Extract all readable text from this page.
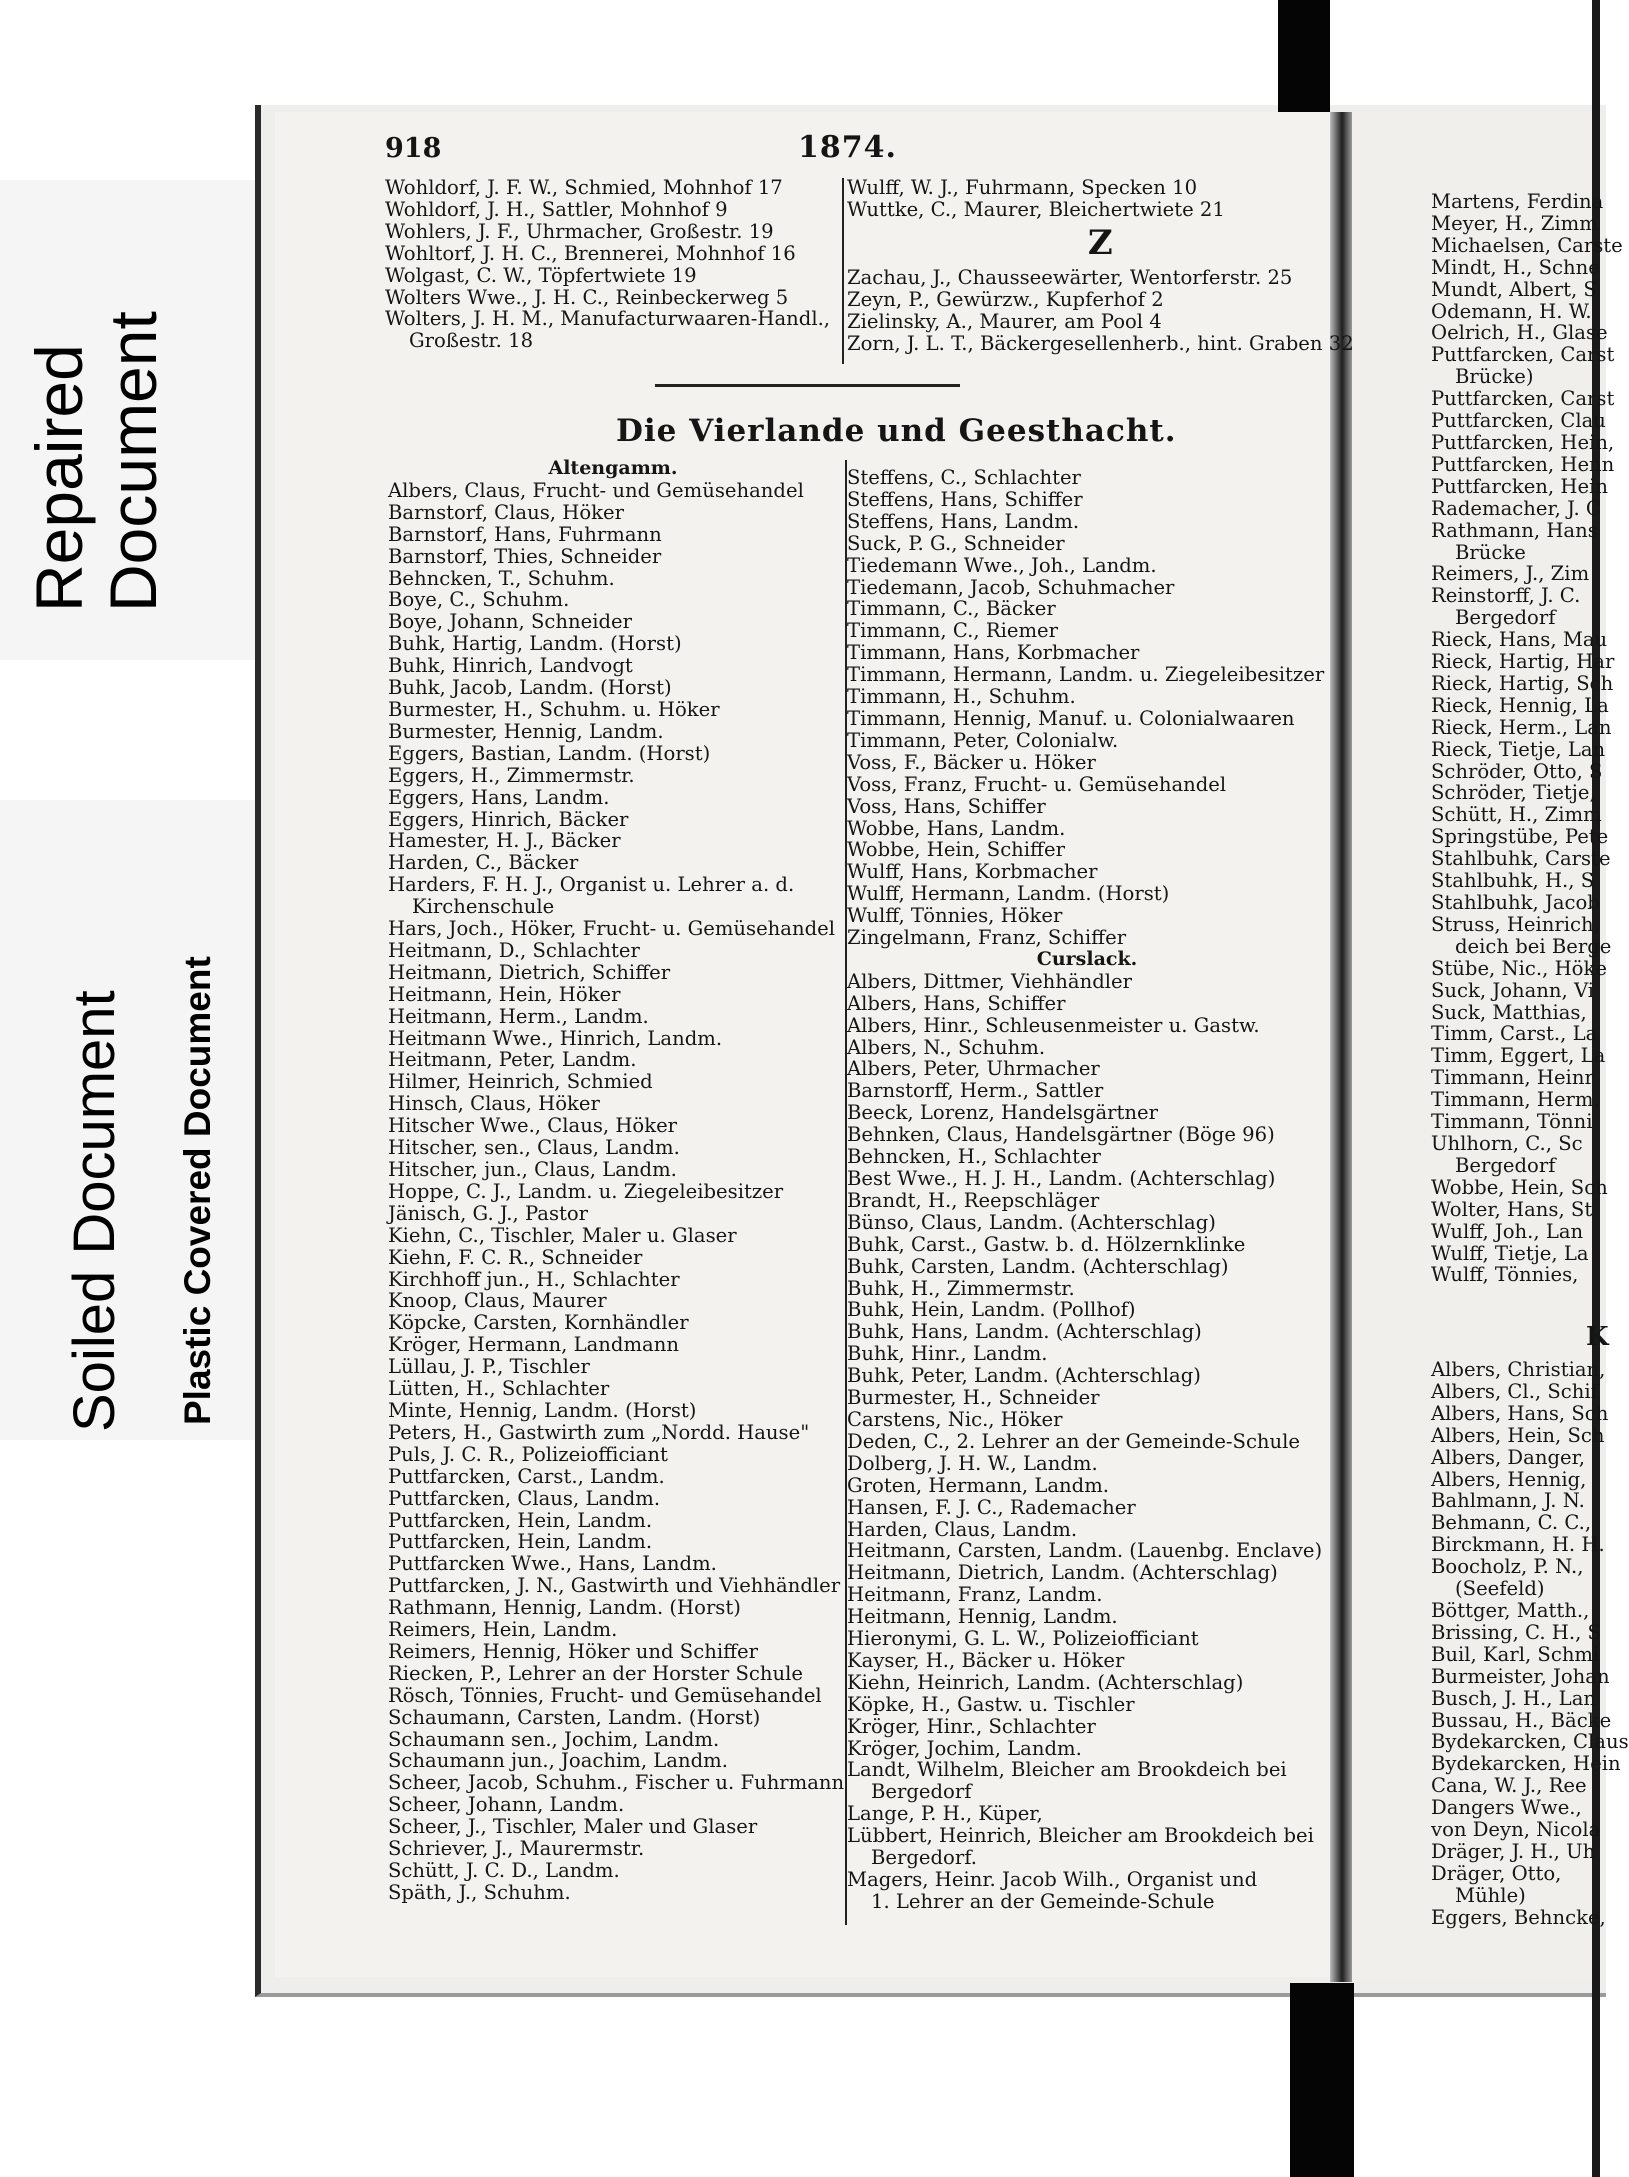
Repaired Document
Soiled Document Plastic Covered Document
918	1874.
Wohldorf, J. F. W., Schmied, Mohnhof 17
Wohldorf, J. H., Sattler, Mohnhof 9
Wohlers, J. F., Uhrmacher, Großestr. 19
Wohltorf, J. H. C., Brennerei, Mohnhof 16
Wolgast, C. W., Töpfertwiete 19
Wolters Wwe., J. H. C., Reinbeckerweg 5
Wolters, J. H. M., Manufacturwaaren-Handl.,
Großestr. 18
Wulff, W. J., Fuhrmann, Specken 10
Wuttke, C., Maurer, Bleichertwiete 21
Z
Zachau, J., Chausseewärter, Wentorferstr. 25
Zeyn, P., Gewürzw., Kupferhof 2
Zielinsky, A., Maurer, am Pool 4
Zorn, J. L. T., Bäckergesellenherb., hint. Graben 32
Die Vierlande und Geesthacht.
Altengamm.
Albers, Claus, Frucht- und Gemüsehandel
Barnstorf, Claus, Höker
Barnstorf, Hans, Fuhrmann
Barnstorf, Thies, Schneider
Behncken, T., Schuhm.
Boye, C., Schuhm.
Boye, Johann, Schneider
Buhk, Hartig, Landm. (Horst)
Buhk, Hinrich, Landvogt
Buhk, Jacob, Landm. (Horst)
Burmester, H., Schuhm. u. Höker
Burmester, Hennig, Landm.
Eggers, Bastian, Landm. (Horst)
Eggers, H., Zimmermstr.
Eggers, Hans, Landm.
Eggers, Hinrich, Bäcker
Hamester, H. J., Bäcker
Harden, C., Bäcker
Harders, F. H. J., Organist u. Lehrer a. d.
Kirchenschule
Hars, Joch., Höker, Frucht- u. Gemüsehandel
Heitmann, D., Schlachter
Heitmann, Dietrich, Schiffer
Heitmann, Hein, Höker
Heitmann, Herm., Landm.
Heitmann Wwe., Hinrich, Landm.
Heitmann, Peter, Landm.
Hilmer, Heinrich, Schmied
Hinsch, Claus, Höker
Hitscher Wwe., Claus, Höker
Hitscher, sen., Claus, Landm.
Hitscher, jun., Claus, Landm.
Hoppe, C. J., Landm. u. Ziegeleibesitzer
Jänisch, G. J., Pastor
Kiehn, C., Tischler, Maler u. Glaser
Kiehn, F. C. R., Schneider
Kirchhoff jun., H., Schlachter
Knoop, Claus, Maurer
Köpcke, Carsten, Kornhändler
Kröger, Hermann, Landmann
Lüllau, J. P., Tischler
Lütten, H., Schlachter
Minte, Hennig, Landm. (Horst)
Peters, H., Gastwirth zum „Nordd. Hause"
Puls, J. C. R., Polizeiofficiant
Puttfarcken, Carst., Landm.
Puttfarcken, Claus, Landm.
Puttfarcken, Hein, Landm.
Puttfarcken, Hein, Landm.
Puttfarcken Wwe., Hans, Landm.
Puttfarcken, J. N., Gastwirth und Viehhändler
Rathmann, Hennig, Landm. (Horst)
Reimers, Hein, Landm.
Reimers, Hennig, Höker und Schiffer
Riecken, P., Lehrer an der Horster Schule
Rösch, Tönnies, Frucht- und Gemüsehandel
Schaumann, Carsten, Landm. (Horst)
Schaumann sen., Jochim, Landm.
Schaumann jun., Joachim, Landm.
Scheer, Jacob, Schuhm., Fischer u. Fuhrmann
Scheer, Johann, Landm.
Scheer, J., Tischler, Maler und Glaser
Schriever, J., Maurermstr.
Schütt, J. C. D., Landm.
Späth, J., Schuhm.
Steffens, C., Schlachter
Steffens, Hans, Schiffer
Steffens, Hans, Landm.
Suck, P. G., Schneider
Tiedemann Wwe., Joh., Landm.
Tiedemann, Jacob, Schuhmacher
Timmann, C., Bäcker
Timmann, C., Riemer
Timmann, Hans, Korbmacher
Timmann, Hermann, Landm. u. Ziegeleibesitzer
Timmann, H., Schuhm.
Timmann, Hennig, Manuf. u. Colonialwaaren
Timmann, Peter, Colonialw.
Voss, F., Bäcker u. Höker
Voss, Franz, Frucht- u. Gemüsehandel
Voss, Hans, Schiffer
Wobbe, Hans, Landm.
Wobbe, Hein, Schiffer
Wulff, Hans, Korbmacher
Wulff, Hermann, Landm. (Horst)
Wulff, Tönnies, Höker
Zingelmann, Franz, Schiffer
Curslack.
Albers, Dittmer, Viehhändler
Albers, Hans, Schiffer
Albers, Hinr., Schleusenmeister u. Gastw.
Albers, N., Schuhm.
Albers, Peter, Uhrmacher
Barnstorff, Herm., Sattler
Beeck, Lorenz, Handelsgärtner
Behnken, Claus, Handelsgärtner (Böge 96)
Behncken, H., Schlachter
Best Wwe., H. J. H., Landm. (Achterschlag)
Brandt, H., Reepschläger
Bünso, Claus, Landm. (Achterschlag)
Buhk, Carst., Gastw. b. d. Hölzernklinke
Buhk, Carsten, Landm. (Achterschlag)
Buhk, H., Zimmermstr.
Buhk, Hein, Landm. (Pollhof)
Buhk, Hans, Landm. (Achterschlag)
Buhk, Hinr., Landm.
Buhk, Peter, Landm. (Achterschlag)
Burmester, H., Schneider
Carstens, Nic., Höker
Deden, C., 2. Lehrer an der Gemeinde-Schule
Dolberg, J. H. W., Landm.
Groten, Hermann, Landm.
Hansen, F. J. C., Rademacher
Harden, Claus, Landm.
Heitmann, Carsten, Landm. (Lauenbg. Enclave)
Heitmann, Dietrich, Landm. (Achterschlag)
Heitmann, Franz, Landm.
Heitmann, Hennig, Landm.
Hieronymi, G. L. W., Polizeiofficiant
Kayser, H., Bäcker u. Höker
Kiehn, Heinrich, Landm. (Achterschlag)
Köpke, H., Gastw. u. Tischler
Kröger, Hinr., Schlachter
Kröger, Jochim, Landm.
Landt, Wilhelm, Bleicher am Brookdeich bei
Bergedorf
Lange, P. H., Küper,
Lübbert, Heinrich, Bleicher am Brookdeich bei
Bergedorf.
Magers, Heinr. Jacob Wilh., Organist und
1. Lehrer an der Gemeinde-Schule
Martens, Ferdina
Meyer, H., Zimm
Michaelsen, Carste
Mindt, H., Schne
Mundt, Albert, S
Odemann, H. W.
Oelrich, H., Glase
Puttfarcken, Carst
Brücke)
Puttfarcken, Carst
Puttfarcken, Clau
Puttfarcken, Hein,
Puttfarcken, Henn
Puttfarcken, Hein
Rademacher, J. C
Rathmann, Hans
Brücke
Reimers, J., Zim
Reinstorff, J. C.
Bergedorf
Rieck, Hans, Mau
Rieck, Hartig, Har
Rieck, Hartig, Sch
Rieck, Hennig, La
Rieck, Herm., Lan
Rieck, Tietje, Lan
Schröder, Otto, S
Schröder, Tietje,
Schütt, H., Zimm
Springstübe, Pete
Stahlbuhk, Carste
Stahlbuhk, H., S
Stahlbuhk, Jacob
Struss, Heinrich,
deich bei Berge
Stübe, Nic., Höke
Suck, Johann, Vi
Suck, Matthias,
Timm, Carst., La
Timm, Eggert, La
Timmann, Heinr
Timmann, Herm.
Timmann, Tönni
Uhlhorn, C., Sc
Bergedorf
Wobbe, Hein, Sch
Wolter, Hans, St
Wulff, Joh., Lan
Wulff, Tietje, La
Wulff, Tönnies,
K
Albers, Christian,
Albers, Cl., Schif
Albers, Hans, Sch
Albers, Hein, Sch
Albers, Danger,
Albers, Hennig,
Bahlmann, J. N.
Behmann, C. C.,
Birckmann, H. H.
Boocholz, P. N.,
(Seefeld)
Böttger, Matth.,
Brissing, C. H., S
Buil, Karl, Schmi
Burmeister, Johan
Busch, J. H., Lan
Bussau, H., Bäcke
Bydekarcken, Claus
Bydekarcken, Hein
Cana, W. J., Ree
Dangers Wwe.,
von Deyn, Nicola
Dräger, J. H., Uh
Dräger, Otto,
Mühle)
Eggers, Behncke,
